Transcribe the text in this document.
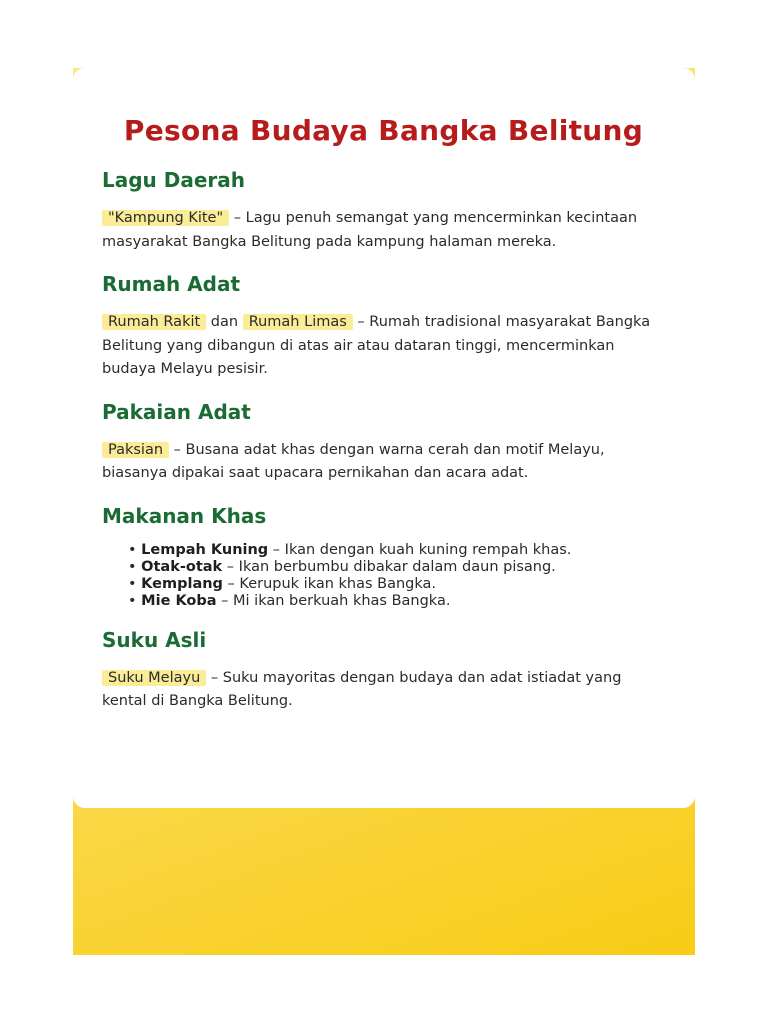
Pesona Budaya Bangka Belitung
Lagu Daerah

"Kampung Kite" – Lagu penuh semangat yang mencerminkan kecintaan masyarakat Bangka Belitung pada kampung halaman mereka.

Rumah Adat

Rumah Rakit dan Rumah Limas – Rumah tradisional masyarakat Bangka Belitung yang dibangun di atas air atau dataran tinggi, mencerminkan budaya Melayu pesisir.

Pakaian Adat

Paksian – Busana adat khas dengan warna cerah dan motif Melayu, biasanya dipakai saat upacara pernikahan dan acara adat.

Makanan Khas
• Lempah Kuning – Ikan dengan kuah kuning rempah khas.
• Otak-otak – Ikan berbumbu dibakar dalam daun pisang.
• Kemplang – Kerupuk ikan khas Bangka.
• Mie Koba – Mi ikan berkuah khas Bangka.
Suku Asli

Suku Melayu – Suku mayoritas dengan budaya dan adat istiadat yang kental di Bangka Belitung.
